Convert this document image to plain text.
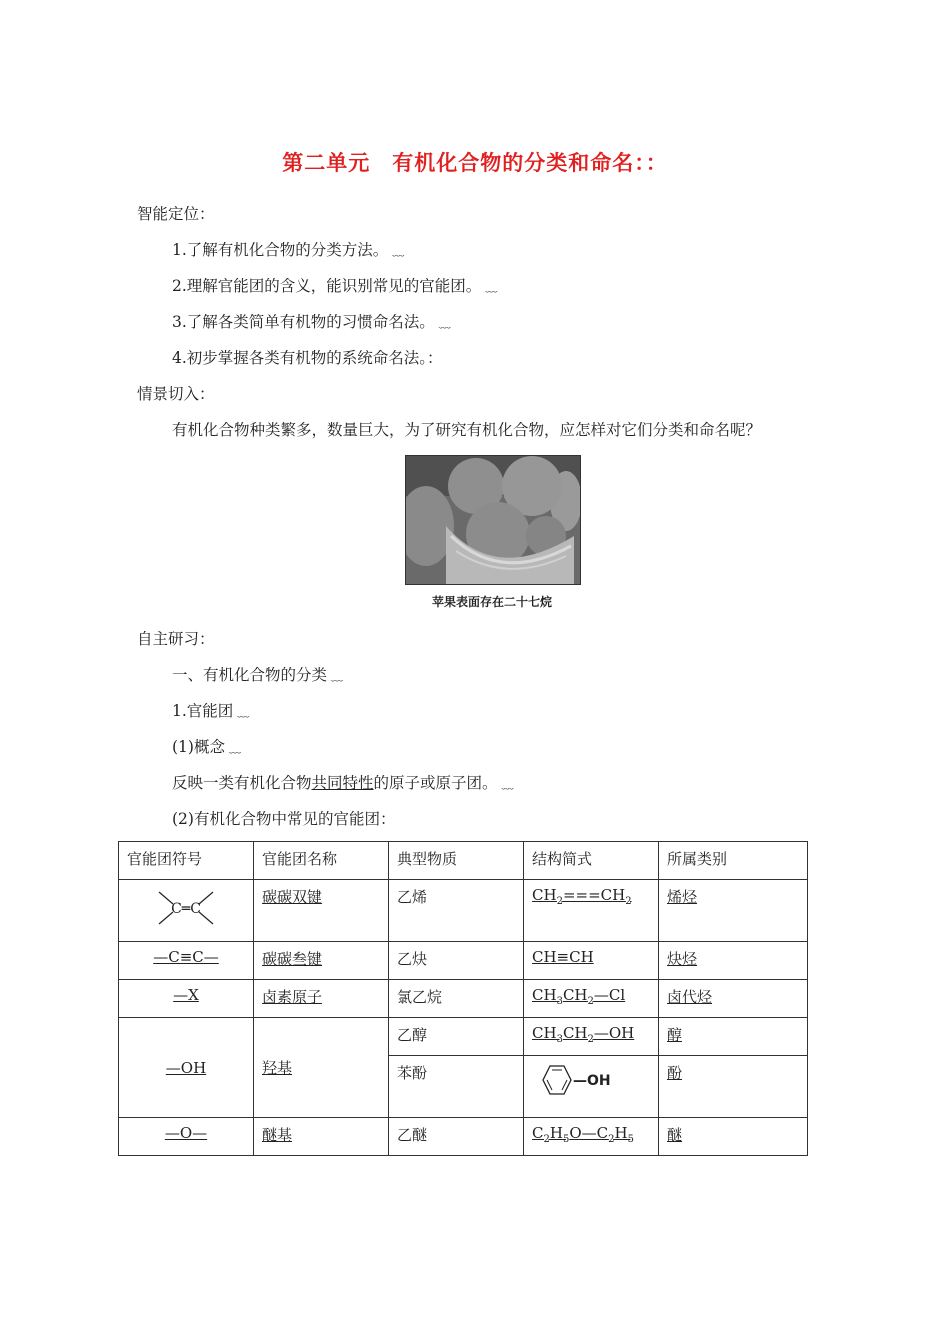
第二单元 有机化合物的分类和命名：：
智能定位：
1.了解有机化合物的分类方法。 ﹏
2.理解官能团的含义，能识别常见的官能团。 ﹏
3.了解各类简单有机物的习惯命名法。 ﹏
4.初步掌握各类有机物的系统命名法。：
情景切入：
有机化合物种类繁多，数量巨大，为了研究有机化合物，应怎样对它们分类和命名呢？
苹果表面存在二十七烷
自主研习：
一、有机化合物的分类 ﹏
1.官能团 ﹏
(1)概念 ﹏
反映一类有机化合物共同特性的原子或原子团。 ﹏
(2)有机化合物中常见的官能团：
官能团符号	官能团名称	典型物质	结构简式	所属类别

C═C	碳碳双键	乙烯	$CH_2===CH_2$	烯烃
—C≡C—	碳碳叁键	乙炔	CH≡CH	炔烃
—X	卤素原子	氯乙烷	$CH_3CH_2—Cl$	卤代烃
—OH	羟基	乙醇	$CH_3CH_2—OH$	醇
		苯酚	—OH	酚
—O—	醚基	乙醚	$C_2H_5O—C_2H_5$	醚
